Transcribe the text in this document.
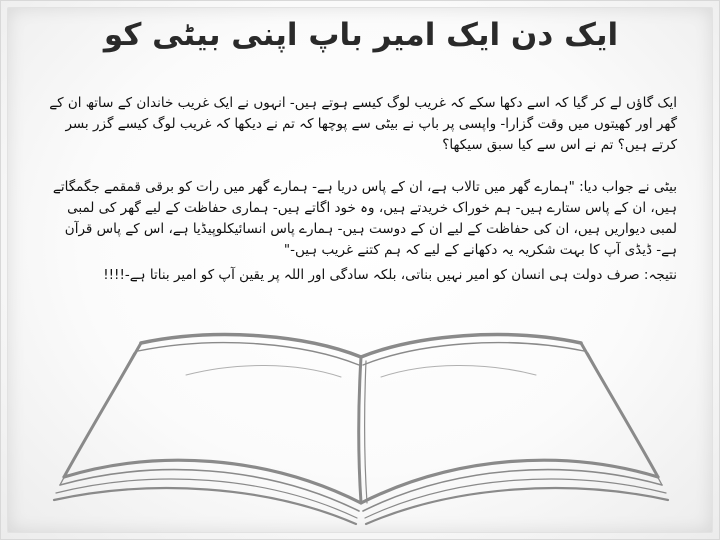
ایک دن ایک امیر باپ اپنی بیٹی کو
ایک گاؤں لے کر گیا کہ اسے دکھا سکے کہ غریب لوگ کیسے ہوتے ہیں- انہوں نے ایک غریب خاندان کے ساتھ ان کے گھر اور کھیتوں میں وقت گزارا- واپسی پر باپ نے بیٹی سے پوچھا کہ تم نے دیکھا کہ غریب لوگ کیسے گزر بسر کرتے ہیں؟ تم نے اس سے کیا سبق سیکھا؟
بیٹی نے جواب دیا: "ہمارے گھر میں تالاب ہے، ان کے پاس دریا ہے- ہمارے گھر میں رات کو برقی قمقمے جگمگاتے ہیں، ان کے پاس ستارے ہیں- ہم خوراک خریدتے ہیں، وہ خود اگاتے ہیں- ہماری حفاظت کے لیے گھر کی لمبی لمبی دیواریں ہیں، ان کی حفاظت کے لیے ان کے دوست ہیں- ہمارے پاس انسائیکلوپیڈیا ہے، اس کے پاس قرآن ہے- ڈیڈی آپ کا بہت شکریہ یہ دکھانے کے لیے کہ ہم کتنے غریب ہیں-"
نتیجہ: صرف دولت ہی انسان کو امیر نہیں بناتی، بلکہ سادگی اور اللہ پر یقین آپ کو امیر بناتا ہے-!!!!
